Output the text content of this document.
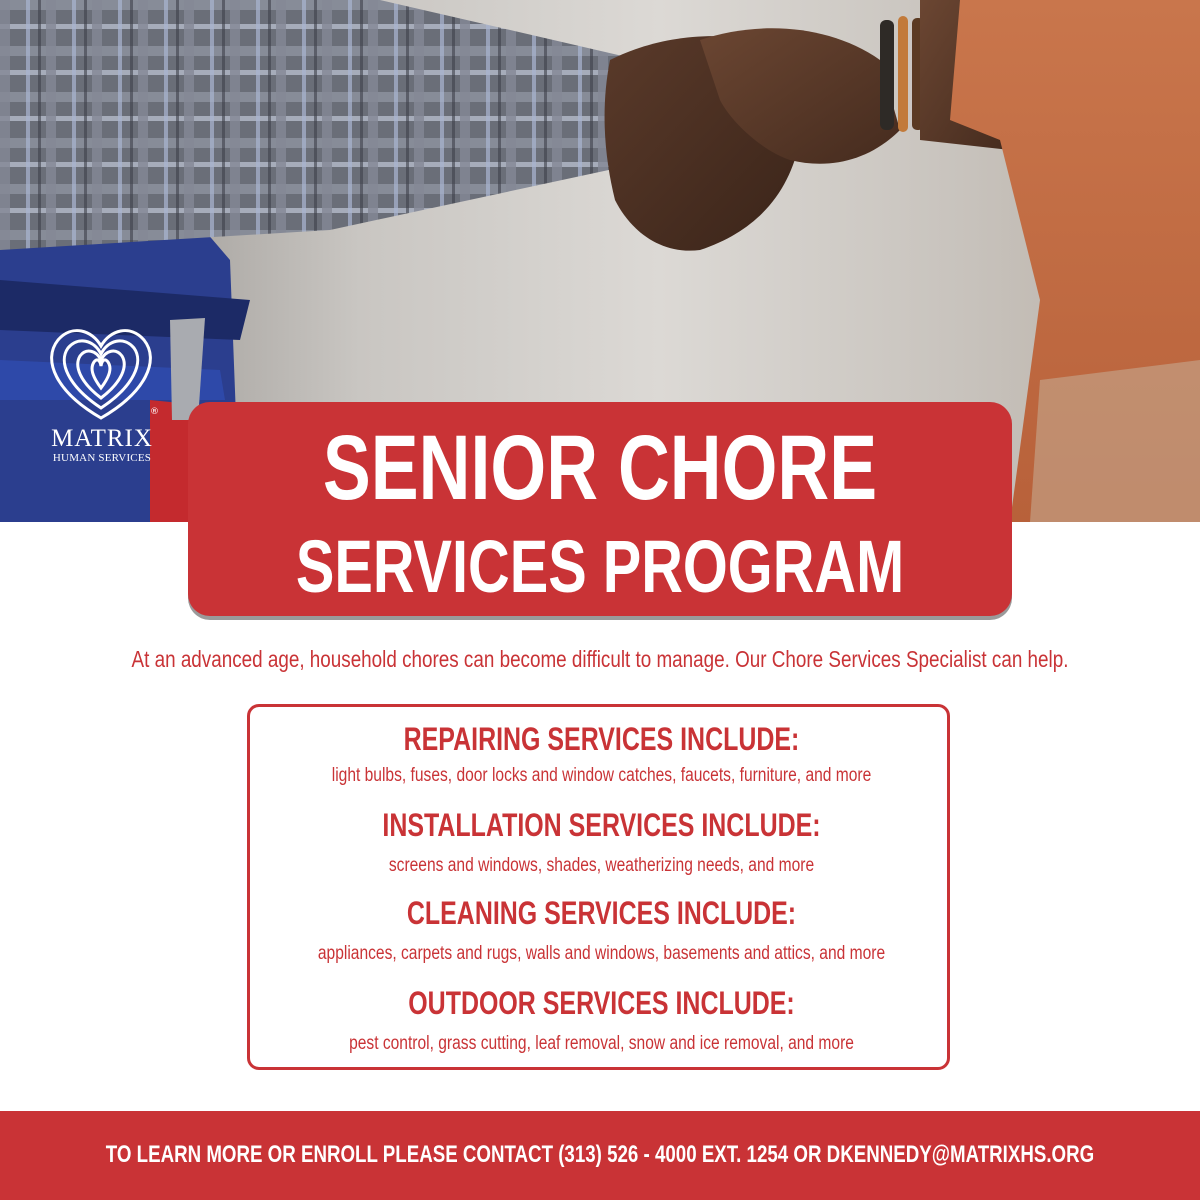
®
MATRIX
HUMAN SERVICES	SENIOR CHORE
SERVICES PROGRAM
At an advanced age, household chores can become difficult to manage. Our Chore Services Specialist can help.
REPAIRING SERVICES INCLUDE:
light bulbs, fuses, door locks and window catches, faucets, furniture, and more
INSTALLATION SERVICES INCLUDE:
screens and windows, shades, weatherizing needs, and more
CLEANING SERVICES INCLUDE:
appliances, carpets and rugs, walls and windows, basements and attics, and more
OUTDOOR SERVICES INCLUDE:
pest control, grass cutting, leaf removal, snow and ice removal, and more
TO LEARN MORE OR ENROLL PLEASE CONTACT (313) 526 - 4000 EXT. 1254 OR DKENNEDY@MATRIXHS.ORG
